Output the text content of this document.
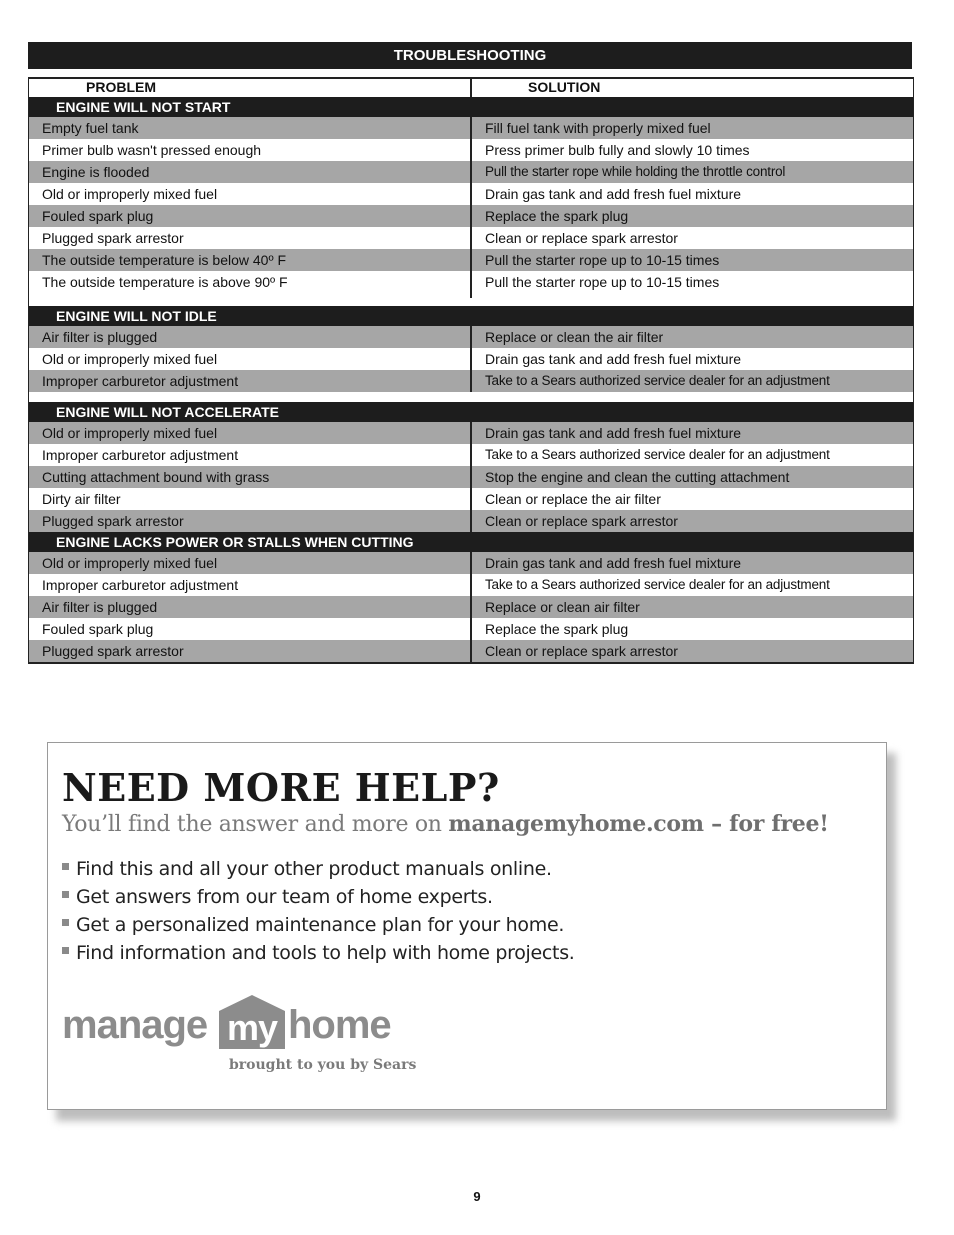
TROUBLESHOOTING
PROBLEM	SOLUTION
ENGINE WILL NOT START
Empty fuel tank	Fill fuel tank with properly mixed fuel
Primer bulb wasn't pressed enough	Press primer bulb fully and slowly 10 times
Engine is flooded	Pull the starter rope while holding the throttle control
Old or improperly mixed fuel	Drain gas tank and add fresh fuel mixture
Fouled spark plug	Replace the spark plug
Plugged spark arrestor	Clean or replace spark arrestor
The outside temperature is below 40º F	Pull the starter rope up to 10-15 times
The outside temperature is above 90º F	Pull the starter rope up to 10-15 times
ENGINE WILL NOT IDLE
Air filter is plugged	Replace or clean the air filter
Old or improperly mixed fuel	Drain gas tank and add fresh fuel mixture
Improper carburetor adjustment	Take to a Sears authorized service dealer for an adjustment
ENGINE WILL NOT ACCELERATE
Old or improperly mixed fuel	Drain gas tank and add fresh fuel mixture
Improper carburetor adjustment	Take to a Sears authorized service dealer for an adjustment
Cutting attachment bound with grass	Stop the engine and clean the cutting attachment
Dirty air filter	Clean or replace the air filter
Plugged spark arrestor	Clean or replace spark arrestor
ENGINE LACKS POWER OR STALLS WHEN CUTTING
Old or improperly mixed fuel	Drain gas tank and add fresh fuel mixture
Improper carburetor adjustment	Take to a Sears authorized service dealer for an adjustment
Air filter is plugged	Replace or clean air filter
Fouled spark plug	Replace the spark plug
Plugged spark arrestor	Clean or replace spark arrestor
NEED MORE HELP?
You’ll find the answer and more on managemyhome.com – for free!
Find this and all your other product manuals online.
Get answers from our team of home experts.
Get a personalized maintenance plan for your home.
Find information and tools to help with home projects.
manage my home
brought to you by Sears
9
